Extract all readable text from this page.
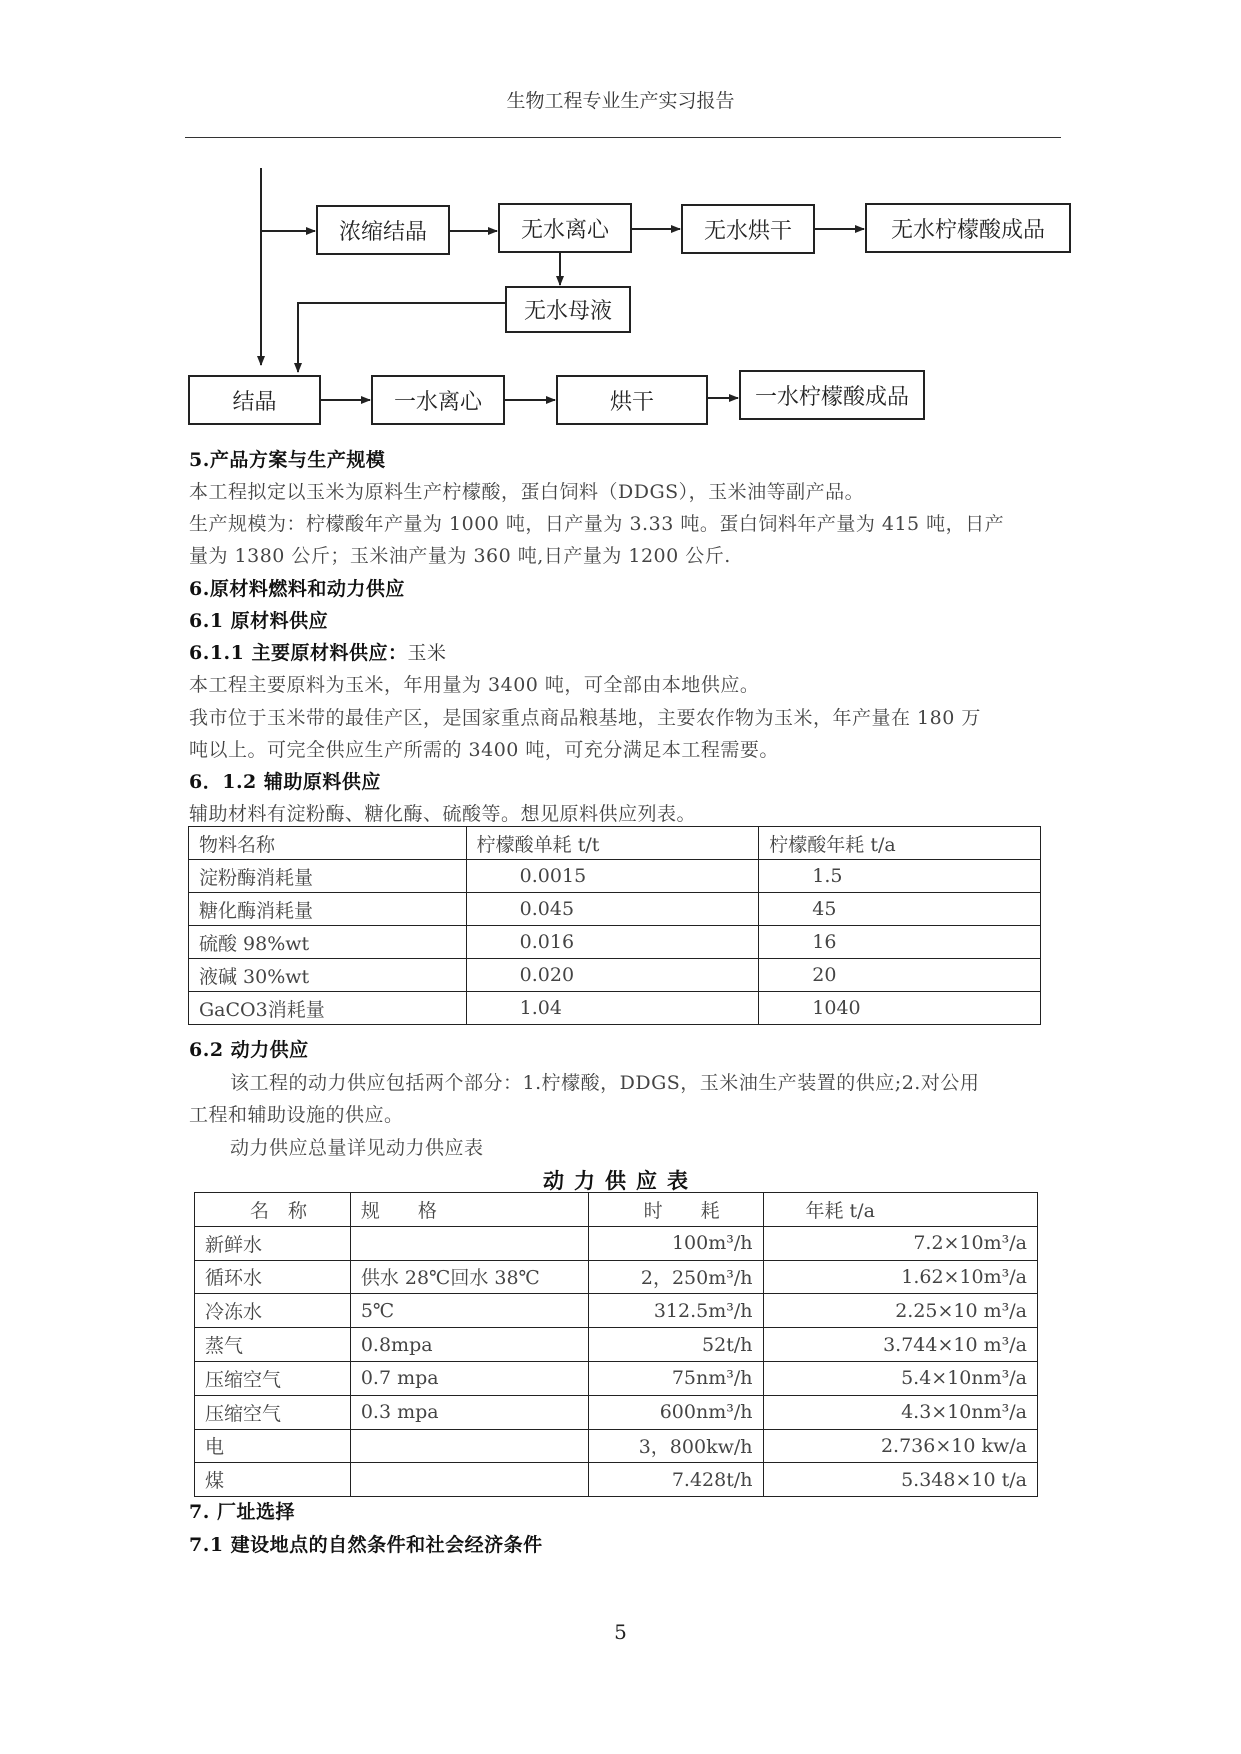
生物工程专业生产实习报告
浓缩结晶	无水离心	无水烘干	无水柠檬酸成品
无水母液
结晶	一水离心	烘干	一水柠檬酸成品
5.产品方案与生产规模
本工程拟定以玉米为原料生产柠檬酸，蛋白饲料（DDGS），玉米油等副产品。
生产规模为：柠檬酸年产量为 1000 吨，日产量为 3.33 吨。蛋白饲料年产量为 415 吨，日产
量为 1380 公斤；玉米油产量为 360 吨,日产量为 1200 公斤.
6.原材料燃料和动力供应
6.1 原材料供应
6.1.1 主要原材料供应：玉米
本工程主要原料为玉米，年用量为 3400 吨，可全部由本地供应。
我市位于玉米带的最佳产区，是国家重点商品粮基地，主要农作物为玉米，年产量在 180 万
吨以上。可完全供应生产所需的 3400 吨，可充分满足本工程需要。
6．1.2 辅助原料供应
辅助材料有淀粉酶、糖化酶、硫酸等。想见原料供应列表。
物料名称	柠檬酸单耗 t/t	柠檬酸年耗 t/a
淀粉酶消耗量	0.0015	1.5
糖化酶消耗量	0.045	45
硫酸 98%wt	0.016	16
液碱 30%wt	0.020	20
GaCO3消耗量	1.04	1040
6.2 动力供应
该工程的动力供应包括两个部分：1.柠檬酸，DDGS，玉米油生产装置的供应;2.对公用
工程和辅助设施的供应。
动力供应总量详见动力供应表
动力供应表
名　称	规　　格	时　　耗	年耗 t/a
新鲜水		100m³/h	7.2×10m³/a
循环水	供水 28℃回水 38℃	2，250m³/h	1.62×10m³/a
冷冻水	5℃	312.5m³/h	2.25×10 m³/a
蒸气	0.8mpa	52t/h	3.744×10 m³/a
压缩空气	0.7 mpa	75nm³/h	5.4×10nm³/a
压缩空气	0.3 mpa	600nm³/h	4.3×10nm³/a
电		3，800kw/h	2.736×10 kw/a
煤		7.428t/h	5.348×10 t/a
7. 厂址选择
7.1 建设地点的自然条件和社会经济条件
5
